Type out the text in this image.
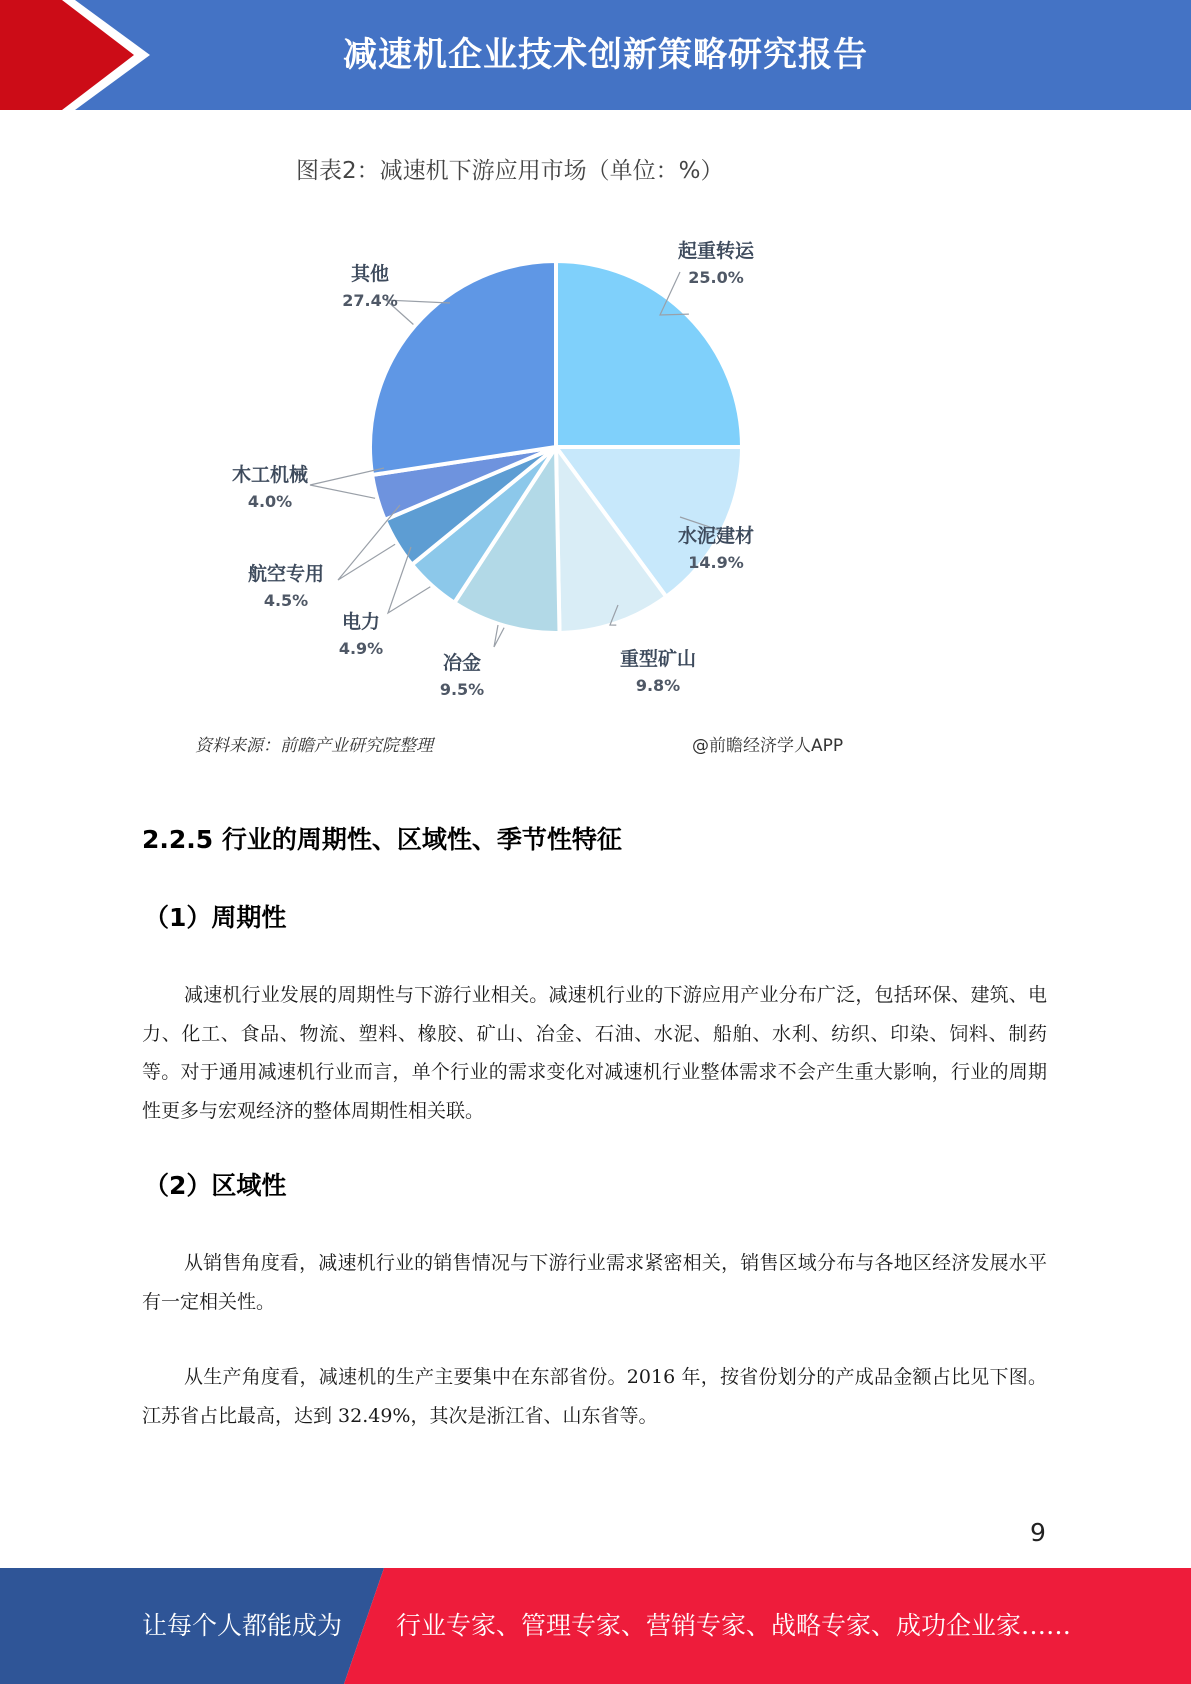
减速机企业技术创新策略研究报告
图表2：减速机下游应用市场（单位：%）
起重转运
25.0%
水泥建材
14.9%
重型矿山
9.8%
冶金
9.5%
电力
4.9%
航空专用
4.5%
木工机械
4.0%
其他
27.4%
资料来源：前瞻产业研究院整理	@前瞻经济学人APP
2.2.5 行业的周期性、区域性、季节性特征
（1）周期性
减速机行业发展的周期性与下游行业相关。减速机行业的下游应用产业分布广泛，包括环保、建筑、电力、化工、食品、物流、塑料、橡胶、矿山、冶金、石油、水泥、船舶、水利、纺织、印染、饲料、制药等。对于通用减速机行业而言，单个行业的需求变化对减速机行业整体需求不会产生重大影响，行业的周期性更多与宏观经济的整体周期性相关联。
（2）区域性
从销售角度看，减速机行业的销售情况与下游行业需求紧密相关，销售区域分布与各地区经济发展水平有一定相关性。
从生产角度看，减速机的生产主要集中在东部省份。2016 年，按省份划分的产成品金额占比见下图。江苏省占比最高，达到 32.49%，其次是浙江省、山东省等。
9
让每个人都能成为 行业专家、管理专家、营销专家、战略专家、成功企业家……
